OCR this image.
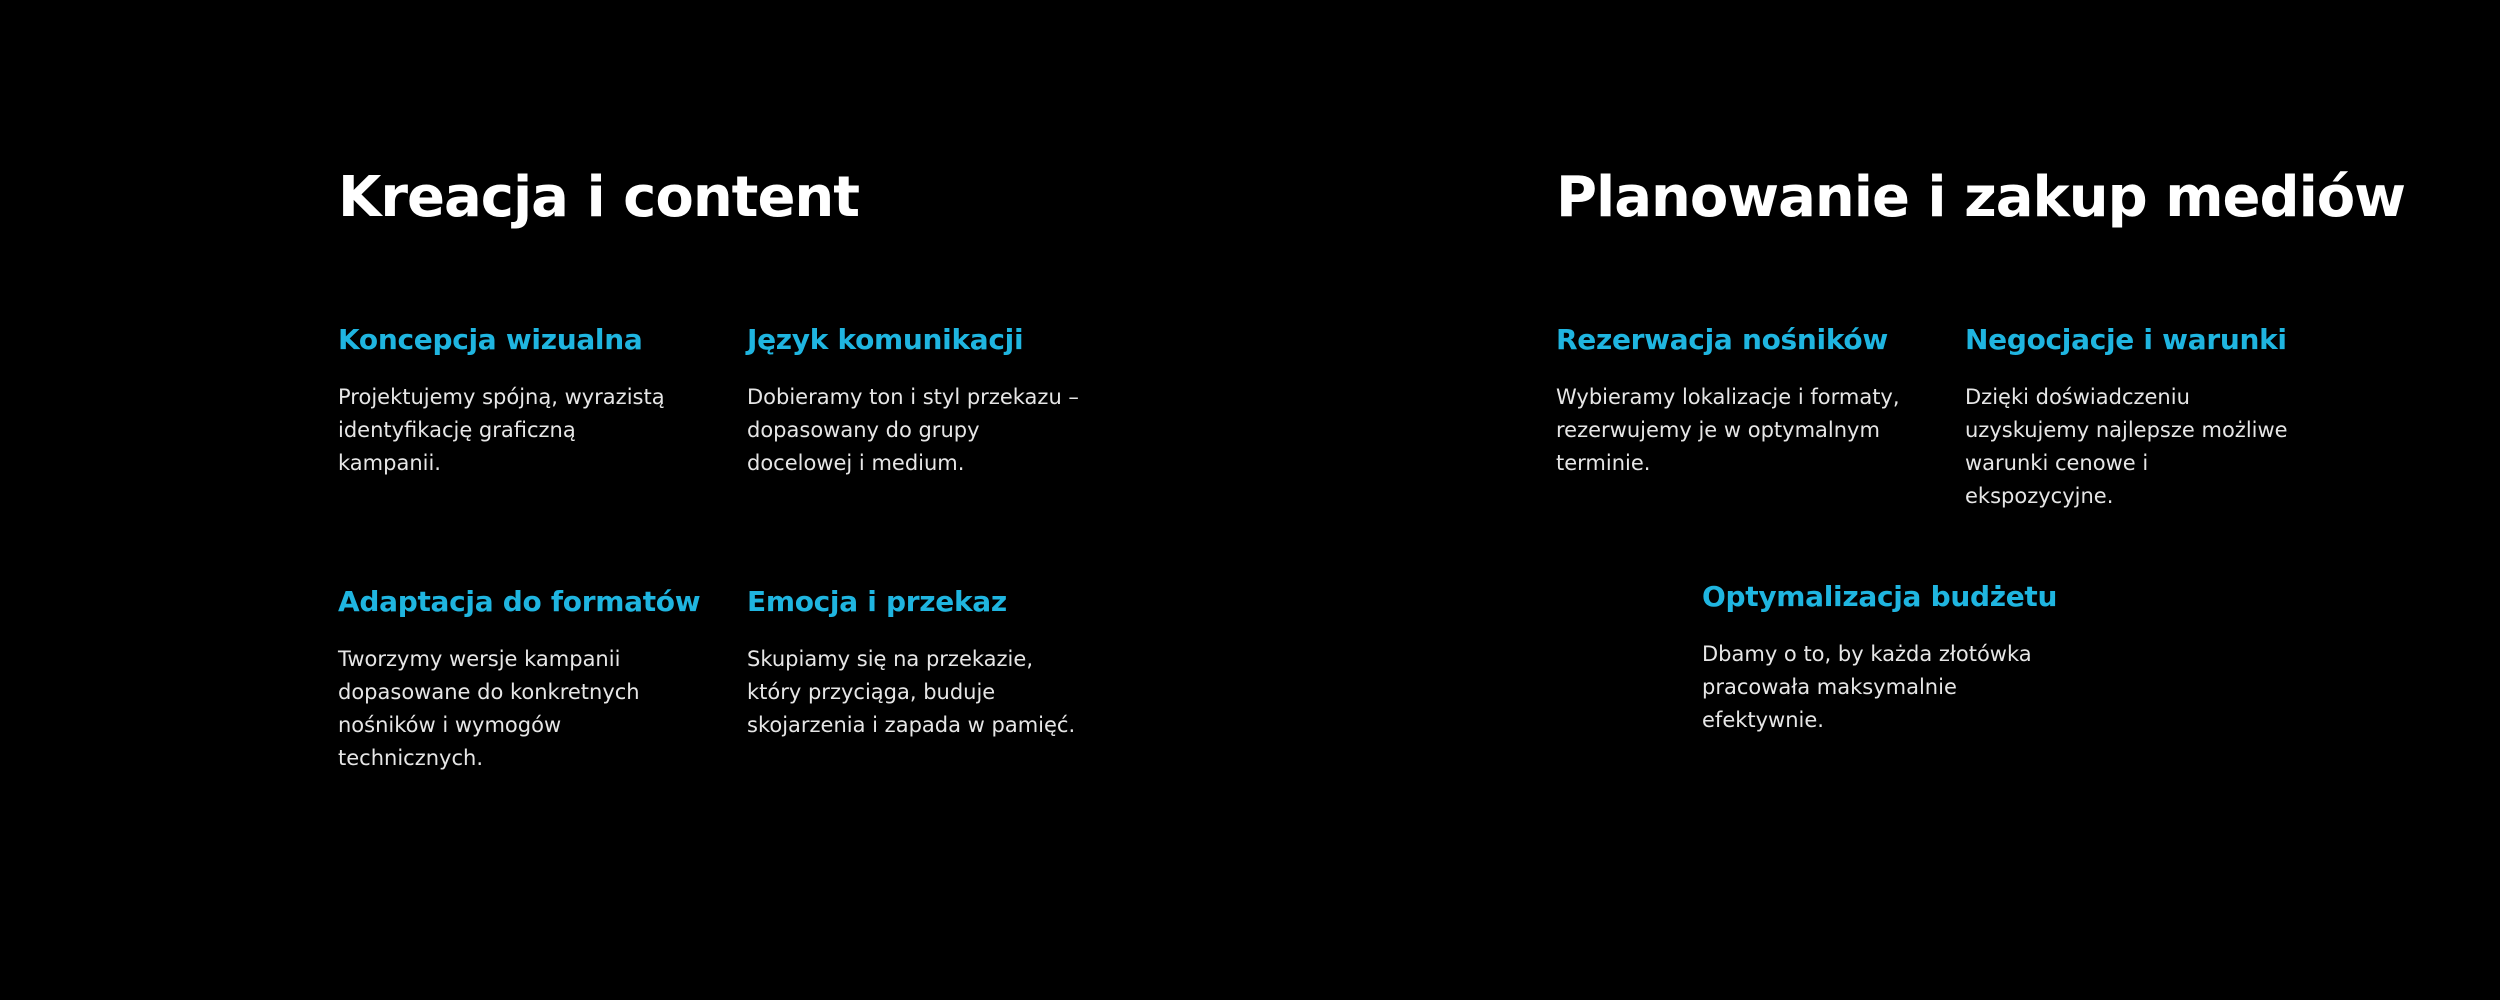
Kreacja i content
Koncepcja wizualna

Projektujemy spójną, wyrazistą identyfikację graficzną kampanii.

Język komunikacji

Dobieramy ton i styl przekazu – dopasowany do grupy docelowej i medium.

Adaptacja do formatów

Tworzymy wersje kampanii dopasowane do konkretnych nośników i wymogów technicznych.

Emocja i przekaz

Skupiamy się na przekazie, który przyciąga, buduje skojarzenia i zapada w pamięć.

Planowanie i zakup mediów
Rezerwacja nośników

Wybieramy lokalizacje i formaty, rezerwujemy je w optymalnym terminie.

Negocjacje i warunki

Dzięki doświadczeniu uzyskujemy najlepsze możliwe warunki cenowe i ekspozycyjne.

Optymalizacja budżetu

Dbamy o to, by każda złotówka pracowała maksymalnie efektywnie.
